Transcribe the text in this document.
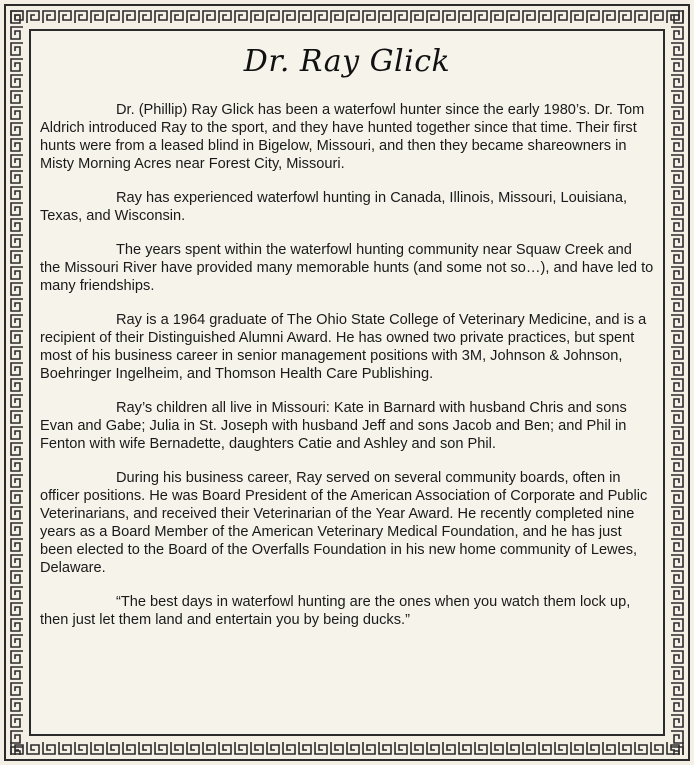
Dr. Ray Glick

Dr. (Phillip) Ray Glick has been a waterfowl hunter since the early 1980’s. Dr. Tom Aldrich introduced Ray to the sport, and they have hunted together since that time. Their first hunts were from a leased blind in Bigelow, Missouri, and then they became shareowners in Misty Morning Acres near Forest City, Missouri.

Ray has experienced waterfowl hunting in Canada, Illinois, Missouri, Louisiana, Texas, and Wisconsin.

The years spent within the waterfowl hunting community near Squaw Creek and the Missouri River have provided many memorable hunts (and some not so…), and have led to many friendships.

Ray is a 1964 graduate of The Ohio State College of Veterinary Medicine, and is a recipient of their Distinguished Alumni Award. He has owned two private practices, but spent most of his business career in senior management positions with 3M, Johnson & Johnson, Boehringer Ingelheim, and Thomson Health Care Publishing.

Ray’s children all live in Missouri: Kate in Barnard with husband Chris and sons Evan and Gabe; Julia in St. Joseph with husband Jeff and sons Jacob and Ben; and Phil in Fenton with wife Bernadette, daughters Catie and Ashley and son Phil.

During his business career, Ray served on several community boards, often in officer positions. He was Board President of the American Association of Corporate and Public Veterinarians, and received their Veterinarian of the Year Award. He recently completed nine years as a Board Member of the American Veterinary Medical Foundation, and he has just been elected to the Board of the Overfalls Foundation in his new home community of Lewes, Delaware.

“The best days in waterfowl hunting are the ones when you watch them lock up, then just let them land and entertain you by being ducks.”
